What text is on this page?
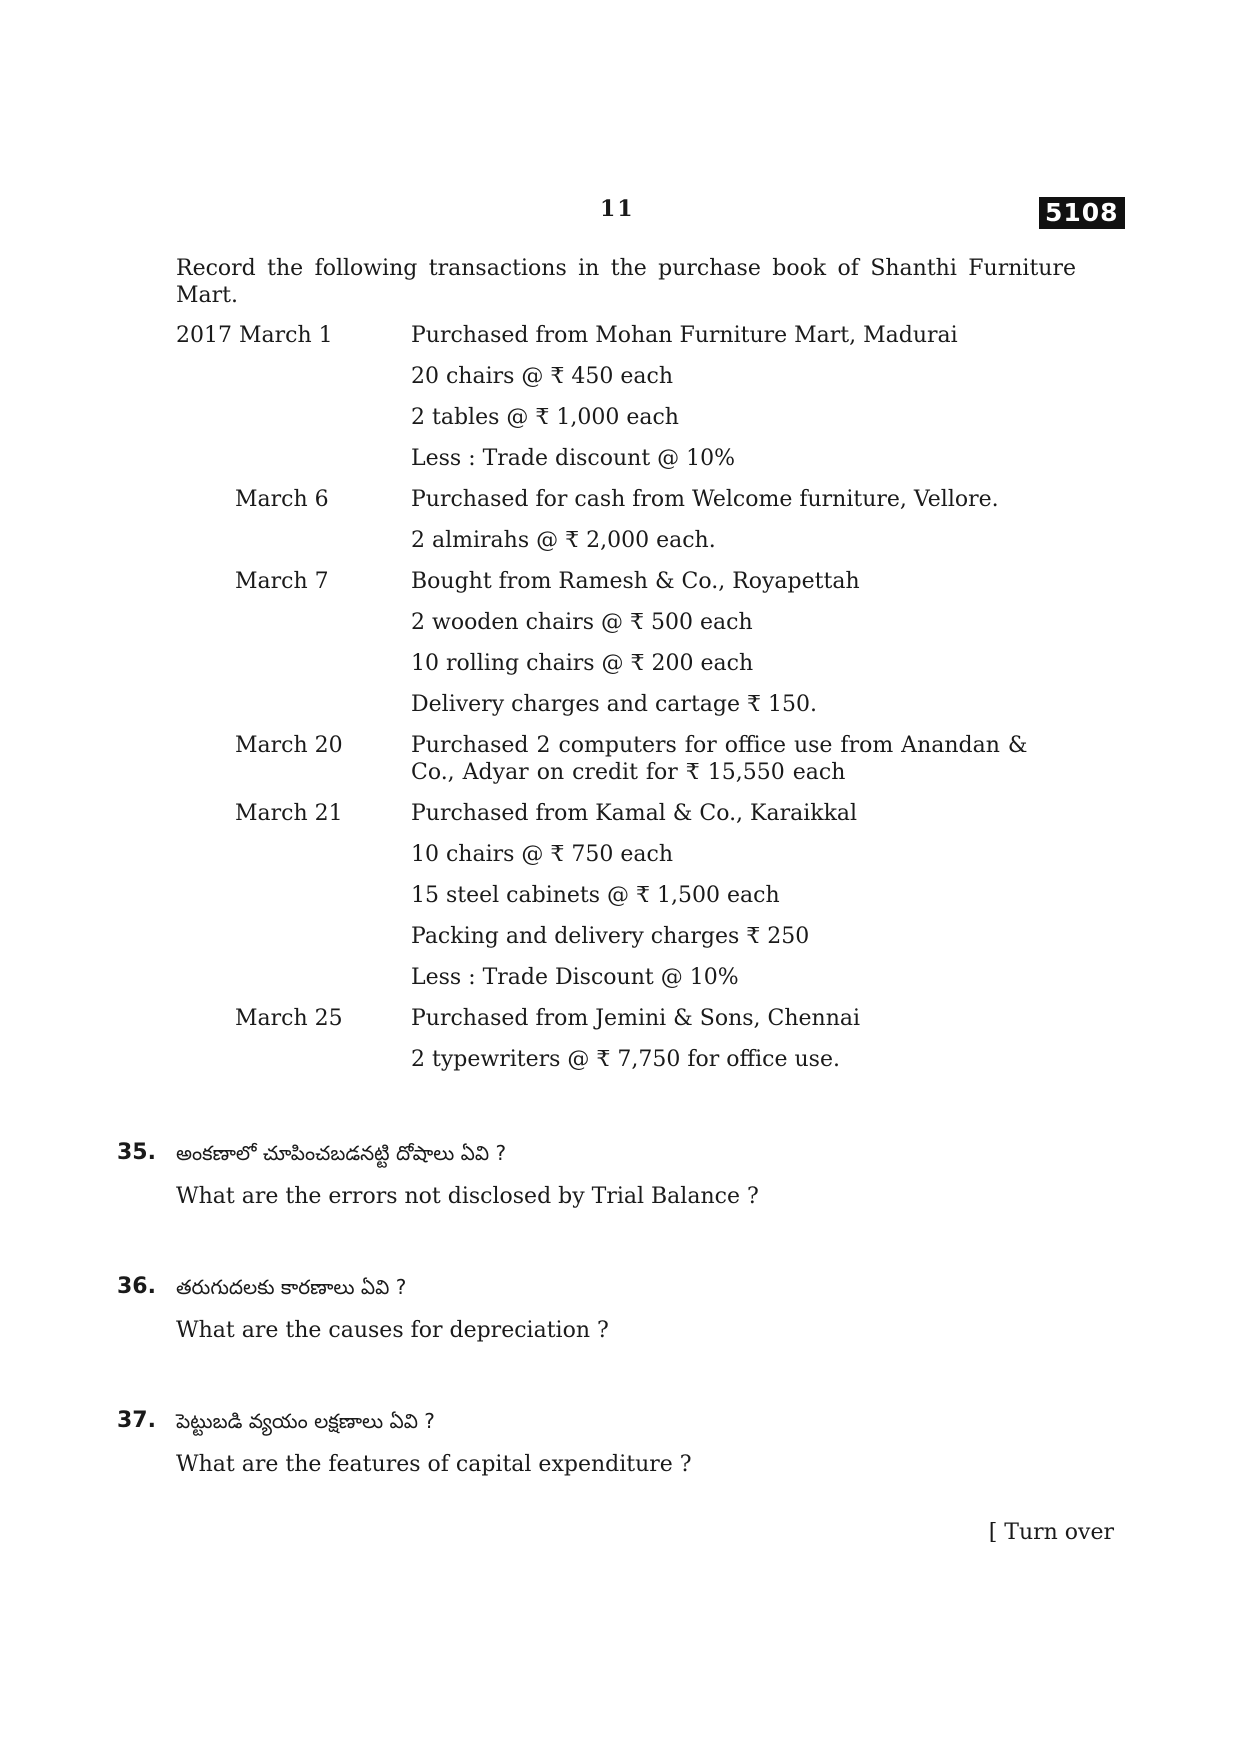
11	5108
Record the following transactions in the purchase book of Shanthi Furniture Mart.
2017 March 1	Purchased from Mohan Furniture Mart, Madurai
20 chairs @ ₹ 450 each
2 tables @ ₹ 1,000 each
Less : Trade discount @ 10%
March 6	Purchased for cash from Welcome furniture, Vellore.
2 almirahs @ ₹ 2,000 each.
March 7	Bought from Ramesh & Co., Royapettah
2 wooden chairs @ ₹ 500 each
10 rolling chairs @ ₹ 200 each
Delivery charges and cartage ₹ 150.
March 20	Purchased 2 computers for office use from Anandan & Co., Adyar on credit for ₹ 15,550 each
March 21	Purchased from Kamal & Co., Karaikkal
10 chairs @ ₹ 750 each
15 steel cabinets @ ₹ 1,500 each
Packing and delivery charges ₹ 250
Less : Trade Discount @ 10%
March 25	Purchased from Jemini & Sons, Chennai
2 typewriters @ ₹ 7,750 for office use.
35. అంకణాలో చూపించబడనట్టి దోషాలు ఏవి ?
What are the errors not disclosed by Trial Balance ?
36. తరుగుదలకు కారణాలు ఏవి ?
What are the causes for depreciation ?
37. పెట్టుబడి వ్యయం లక్షణాలు ఏవి ?
What are the features of capital expenditure ?
[ Turn over
